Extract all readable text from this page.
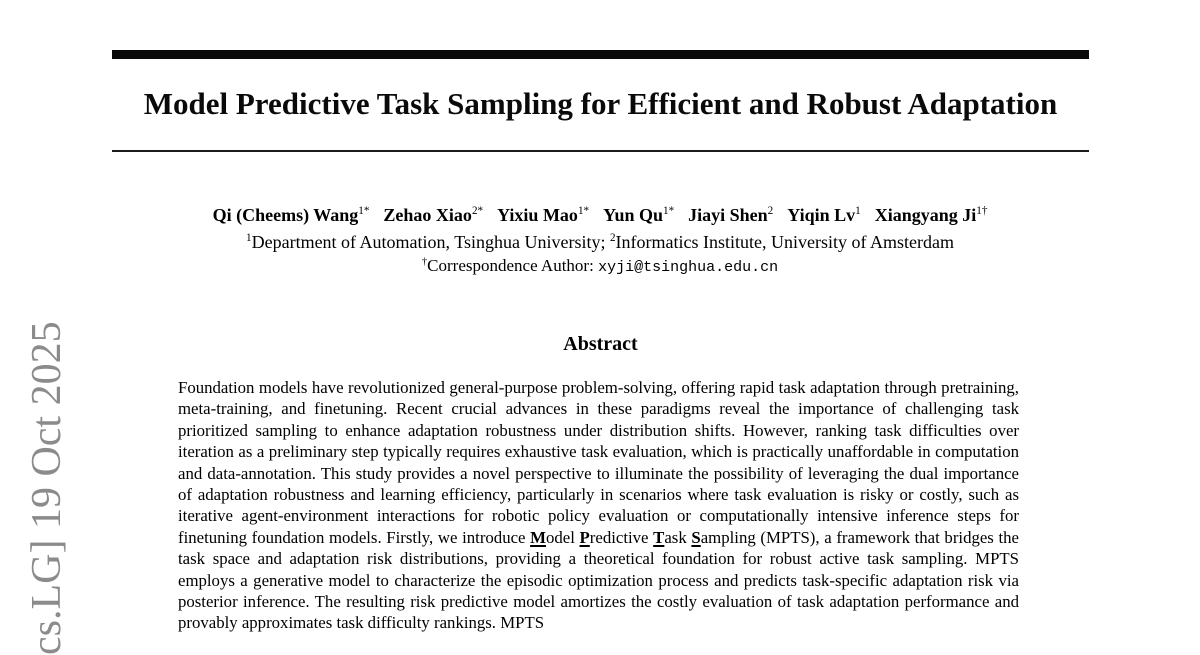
Model Predictive Task Sampling for Efficient and Robust Adaptation
Qi (Cheems) Wang$^{1*}$ Zehao Xiao$^{2*}$ Yixiu Mao$^{1*}$ Yun $Qu^{1*}$ Jiayi Shen$^2$ Yiqin Lv$^1$ Xiangyang $Ji^{1\dagger}$
$^1$Department of Automation, Tsinghua University; $^2$Informatics Institute, University of Amsterdam
†Correspondence Author: xyji@tsinghua.edu.cn
Abstract

Foundation models have revolutionized general-purpose problem-solving, offering rapid task adaptation through pretraining, meta-training, and finetuning. Recent crucial advances in these paradigms reveal the importance of challenging task prioritized sampling to enhance adaptation robustness under distribution shifts. However, ranking task difficulties over iteration as a preliminary step typically requires exhaustive task evaluation, which is practically unaffordable in computation and data-annotation. This study provides a novel perspective to illuminate the possibility of leveraging the dual importance of adaptation robustness and learning efficiency, particularly in scenarios where task evaluation is risky or costly, such as iterative agent-environment interactions for robotic policy evaluation or computationally intensive inference steps for finetuning foundation models. Firstly, we introduce Model Predictive Task Sampling (MPTS), a framework that bridges the task space and adaptation risk distributions, providing a theoretical foundation for robust active task sampling. MPTS employs a generative model to characterize the episodic optimization process and predicts task-specific adaptation risk via posterior inference. The resulting risk predictive model amortizes the costly evaluation of task adaptation performance and provably approximates task difficulty rankings. MPTS

cs.LG] 19 Oct 2025
